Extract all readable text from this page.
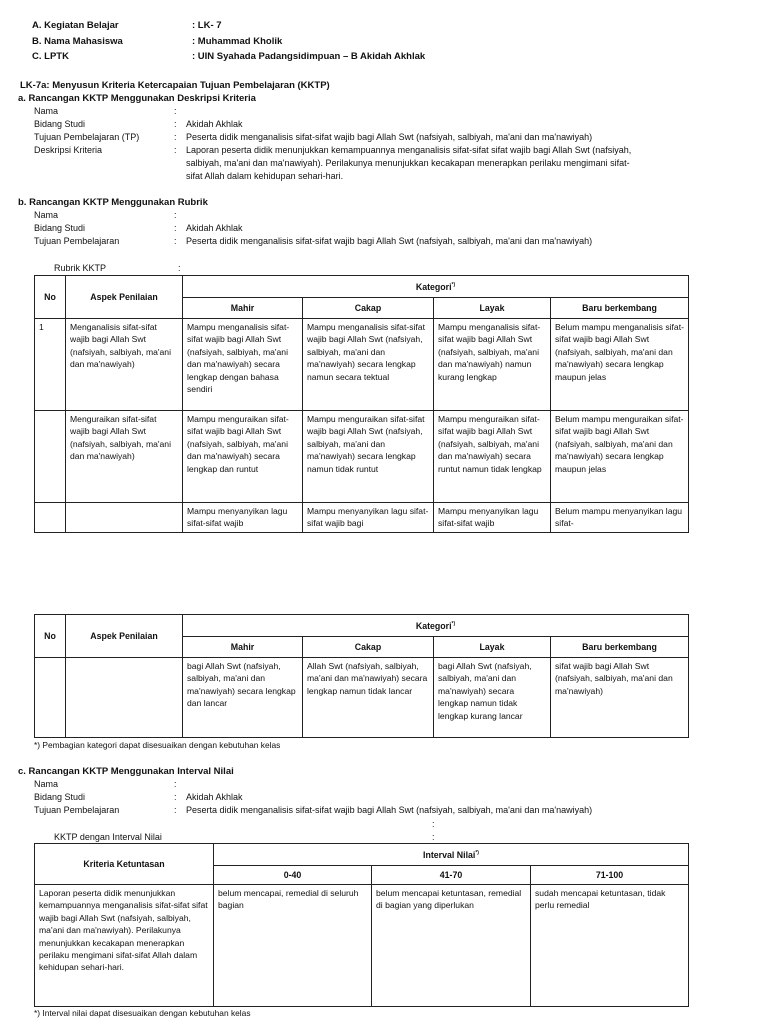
A. Kegiatan Belajar	: LK- 7
B. Nama Mahasiswa	: Muhammad Kholik
C. LPTK	: UIN Syahada Padangsidimpuan – B Akidah Akhlak
LK-7a: Menyusun Kriteria Ketercapaian Tujuan Pembelajaran (KKTP)
a. Rancangan KKTP Menggunakan Deskripsi Kriteria
Nama	:
Bidang Studi	:	Akidah Akhlak
Tujuan Pembelajaran (TP)	:	Peserta didik menganalisis sifat-sifat wajib bagi Allah Swt (nafsiyah, salbiyah, ma'ani dan ma'nawiyah)
Deskripsi Kriteria	:	Laporan peserta didik menunjukkan kemampuannya menganalisis sifat-sifat sifat wajib bagi Allah Swt (nafsiyah,
salbiyah, ma'ani dan ma'nawiyah). Perilakunya menunjukkan kecakapan menerapkan perilaku mengimani sifat-
sifat Allah dalam kehidupan sehari-hari.
b. Rancangan KKTP Menggunakan Rubrik
Nama	:
Bidang Studi	:	Akidah Akhlak
Tujuan Pembelajaran	:	Peserta didik menganalisis sifat-sifat wajib bagi Allah Swt (nafsiyah, salbiyah, ma'ani dan ma'nawiyah)
Rubrik KKTP	:
No	Aspek Penilaian	Kategori*)
		Mahir	Cakap	Layak	Baru berkembang
1	Menganalisis sifat-sifat wajib bagi Allah Swt (nafsiyah, salbiyah, ma'ani dan ma'nawiyah)	Mampu menganalisis sifat-sifat wajib bagi Allah Swt (nafsiyah, salbiyah, ma'ani dan ma'nawiyah) secara lengkap dengan bahasa sendiri	Mampu menganalisis sifat-sifat wajib bagi Allah Swt (nafsiyah, salbiyah, ma'ani dan ma'nawiyah) secara lengkap namun secara tektual	Mampu menganalisis sifat-sifat wajib bagi Allah Swt (nafsiyah, salbiyah, ma'ani dan ma'nawiyah) namun kurang lengkap	Belum mampu menganalisis sifat-sifat wajib bagi Allah Swt (nafsiyah, salbiyah, ma'ani dan ma'nawiyah) secara lengkap maupun jelas
	Menguraikan sifat-sifat wajib bagi Allah Swt (nafsiyah, salbiyah, ma'ani dan ma'nawiyah)	Mampu menguraikan sifat-sifat wajib bagi Allah Swt (nafsiyah, salbiyah, ma'ani dan ma'nawiyah) secara lengkap dan runtut	Mampu menguraikan sifat-sifat wajib bagi Allah Swt (nafsiyah, salbiyah, ma'ani dan ma'nawiyah) secara lengkap namun tidak runtut	Mampu menguraikan sifat-sifat wajib bagi Allah Swt (nafsiyah, salbiyah, ma'ani dan ma'nawiyah) secara runtut namun tidak lengkap	Belum mampu menguraikan sifat-sifat wajib bagi Allah Swt (nafsiyah, salbiyah, ma'ani dan ma'nawiyah) secara lengkap maupun jelas
		Mampu menyanyikan lagu sifat-sifat wajib	Mampu menyanyikan lagu sifat-sifat wajib bagi	Mampu menyanyikan lagu sifat-sifat wajib	Belum mampu menyanyikan lagu sifat-
No	Aspek Penilaian	Kategori*)
		Mahir	Cakap	Layak	Baru berkembang
		bagi Allah Swt (nafsiyah, salbiyah, ma'ani dan ma'nawiyah) secara lengkap dan lancar	Allah Swt (nafsiyah, salbiyah, ma'ani dan ma'nawiyah) secara lengkap namun tidak lancar	bagi Allah Swt (nafsiyah, salbiyah, ma'ani dan ma'nawiyah) secara lengkap namun tidak lengkap kurang lancar	sifat wajib bagi Allah Swt (nafsiyah, salbiyah, ma'ani dan ma'nawiyah)
*) Pembagian kategori dapat disesuaikan dengan kebutuhan kelas
c. Rancangan KKTP Menggunakan Interval Nilai
Nama	:
Bidang Studi	:	Akidah Akhlak
Tujuan Pembelajaran	:	Peserta didik menganalisis sifat-sifat wajib bagi Allah Swt (nafsiyah, salbiyah, ma'ani dan ma'nawiyah)
:
KKTP dengan Interval Nilai	:
Kriteria Ketuntasan	Interval Nilai*)
	0-40	41-70	71-100
Laporan peserta didik menunjukkan kemampuannya menganalisis sifat-sifat sifat wajib bagi Allah Swt (nafsiyah, salbiyah, ma'ani dan ma'nawiyah). Perilakunya menunjukkan kecakapan menerapkan perilaku mengimani sifat-sifat Allah dalam kehidupan sehari-hari.	belum mencapai, remedial di seluruh bagian	belum mencapai ketuntasan, remedial di bagian yang diperlukan	sudah mencapai ketuntasan, tidak perlu remedial
*) Interval nilai dapat disesuaikan dengan kebutuhan kelas
